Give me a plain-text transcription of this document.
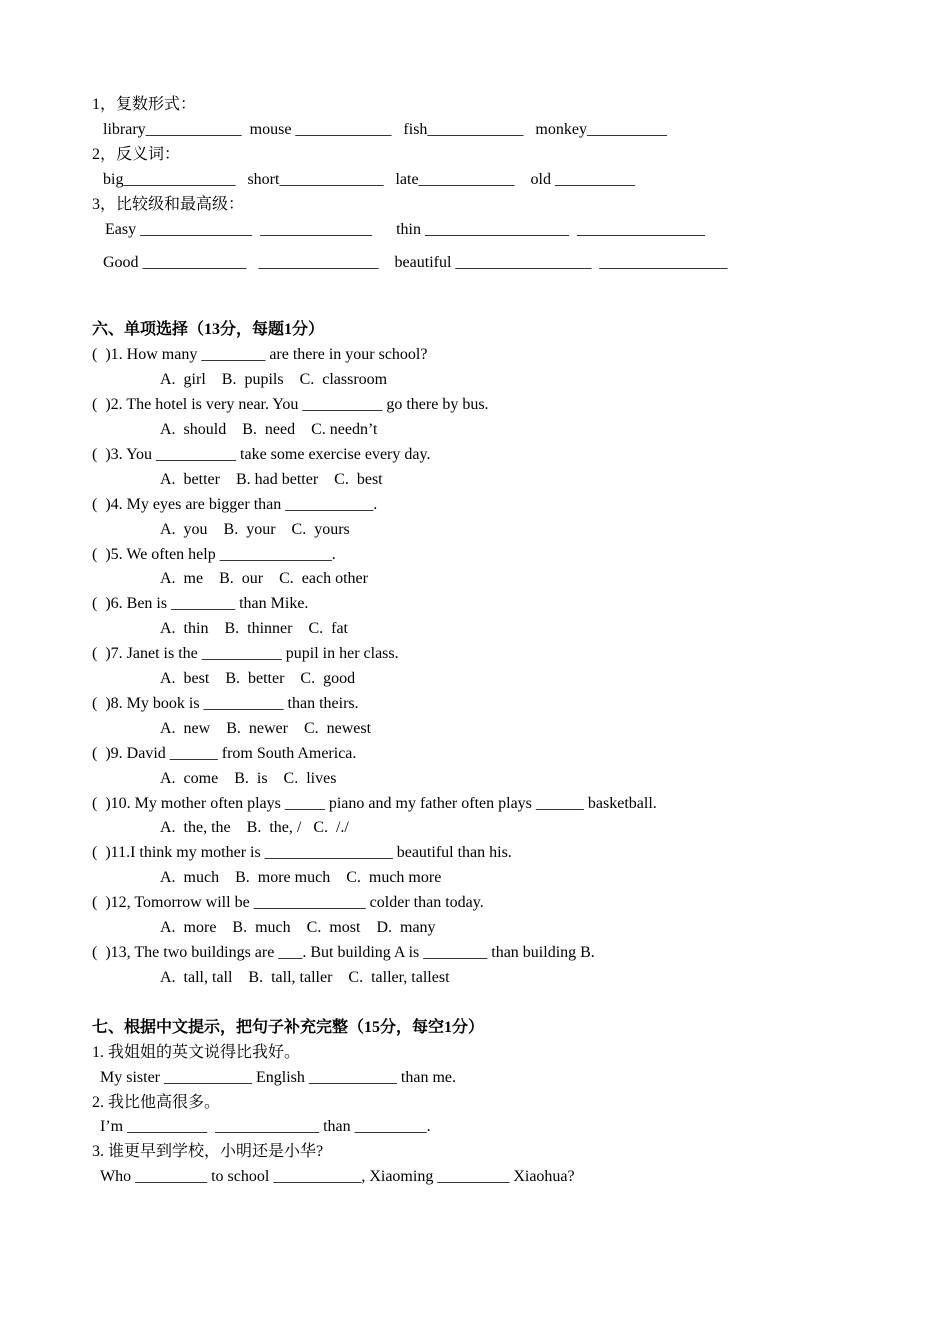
1，复数形式：
library____________  mouse ____________   fish____________   monkey__________
2，反义词：
big______________   short_____________   late____________    old __________
3，比较级和最高级：
Easy ______________  ______________      thin __________________  ________________
Good _____________   _______________    beautiful _________________  ________________
六、单项选择（13分，每题1分）
(  )1. How many ________ are there in your school?
A.  girl    B.  pupils    C.  classroom
(  )2. The hotel is very near. You __________ go there by bus.
A.  should    B.  need    C. needn’t
(  )3. You __________ take some exercise every day.
A.  better    B. had better    C.  best
(  )4. My eyes are bigger than ___________.
A.  you    B.  your    C.  yours
(  )5. We often help ______________.
A.  me    B.  our    C.  each other
(  )6. Ben is ________ than Mike.
A.  thin    B.  thinner    C.  fat
(  )7. Janet is the __________ pupil in her class.
A.  best    B.  better    C.  good
(  )8. My book is __________ than theirs.
A.  new    B.  newer    C.  newest
(  )9. David ______ from South America.
A.  come    B.  is    C.  lives
(  )10. My mother often plays _____ piano and my father often plays ______ basketball.
A.  the, the    B.  the, /   C.  /./
(  )11.I think my mother is ________________ beautiful than his.
A.  much    B.  more much    C.  much more
(  )12, Tomorrow will be ______________ colder than today.
A.  more    B.  much    C.  most    D.  many
(  )13, The two buildings are ___. But building A is ________ than building B.
A.  tall, tall    B.  tall, taller    C.  taller, tallest
七、根据中文提示，把句子补充完整（15分，每空1分）
1. 我姐姐的英文说得比我好。
My sister ___________ English ___________ than me.
2. 我比他高很多。
I’m __________  _____________ than _________.
3. 谁更早到学校，小明还是小华?
Who _________ to school ___________, Xiaoming _________ Xiaohua?
